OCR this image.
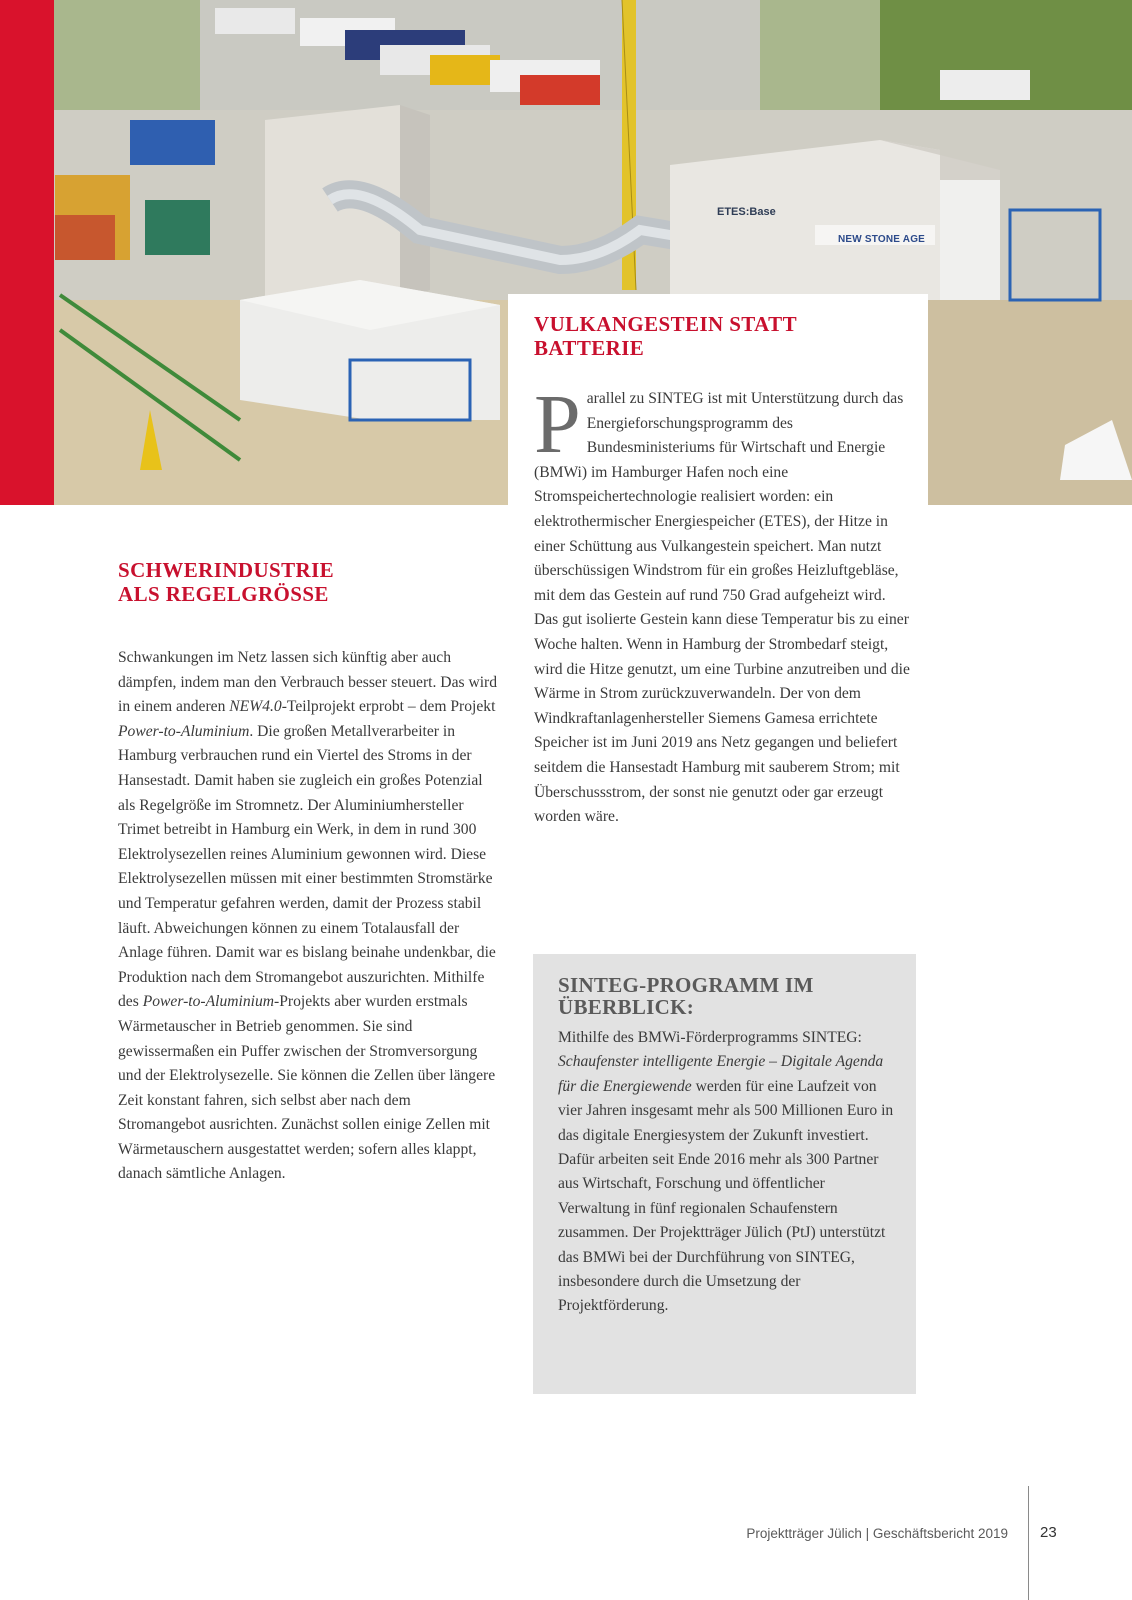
ETES:Base
NEW STONE AGE
VULKANGESTEIN STATT
BATTERIE

Parallel zu SINTEG ist mit Unterstützung durch das Energieforschungsprogramm des Bundesministeriums für Wirtschaft und Energie (BMWi) im Hamburger Hafen noch eine Stromspeichertechnologie realisiert worden: ein elektrothermischer Energiespeicher (ETES), der Hitze in einer Schüttung aus Vulkangestein speichert. Man nutzt überschüssigen Windstrom für ein großes Heizluftgebläse, mit dem das Gestein auf rund 750 Grad aufgeheizt wird. Das gut isolierte Gestein kann diese Temperatur bis zu einer Woche halten. Wenn in Hamburg der Strombedarf steigt, wird die Hitze genutzt, um eine Turbine anzutreiben und die Wärme in Strom zurückzuverwandeln. Der von dem Windkraftanlagenhersteller Siemens Gamesa errichtete Speicher ist im Juni 2019 ans Netz gegangen und beliefert seitdem die Hansestadt Hamburg mit sauberem Strom; mit Überschussstrom, der sonst nie genutzt oder gar erzeugt worden wäre.

SCHWERINDUSTRIE
ALS REGELGRÖSSE

Schwankungen im Netz lassen sich künftig aber auch dämpfen, indem man den Verbrauch besser steuert. Das wird in einem anderen NEW4.0-Teilprojekt erprobt – dem Projekt Power-to-Aluminium. Die großen Metallverarbeiter in Hamburg verbrauchen rund ein Viertel des Stroms in der Hansestadt. Damit haben sie zugleich ein großes Potenzial als Regelgröße im Stromnetz. Der Aluminiumhersteller Trimet betreibt in Hamburg ein Werk, in dem in rund 300 Elektrolysezellen reines Aluminium gewonnen wird. Diese Elektrolysezellen müssen mit einer bestimmten Stromstärke und Temperatur gefahren werden, damit der Prozess stabil läuft. Abweichungen können zu einem Totalausfall der Anlage führen. Damit war es bislang beinahe undenkbar, die Produktion nach dem Stromangebot auszurichten. Mithilfe des Power-to-Aluminium-Projekts aber wurden erstmals Wärmetauscher in Betrieb genommen. Sie sind gewissermaßen ein Puffer zwischen der Stromversorgung und der Elektrolysezelle. Sie können die Zellen über längere Zeit konstant fahren, sich selbst aber nach dem Stromangebot ausrichten. Zunächst sollen einige Zellen mit Wärmetauschern ausgestattet werden; sofern alles klappt, danach sämtliche Anlagen.

SINTEG-PROGRAMM IM
ÜBERBLICK:

Mithilfe des BMWi-Förderprogramms SINTEG: Schaufenster intelligente Energie – Digitale Agenda für die Energiewende werden für eine Laufzeit von vier Jahren insgesamt mehr als 500 Millionen Euro in das digitale Energiesystem der Zukunft investiert. Dafür arbeiten seit Ende 2016 mehr als 300 Partner aus Wirtschaft, Forschung und öffentlicher Verwaltung in fünf regionalen Schaufenstern zusammen. Der Projektträger Jülich (PtJ) unterstützt das BMWi bei der Durchführung von SINTEG, insbesondere durch die Umsetzung der Projektförderung.

Projektträger Jülich | Geschäftsbericht 2019 23
